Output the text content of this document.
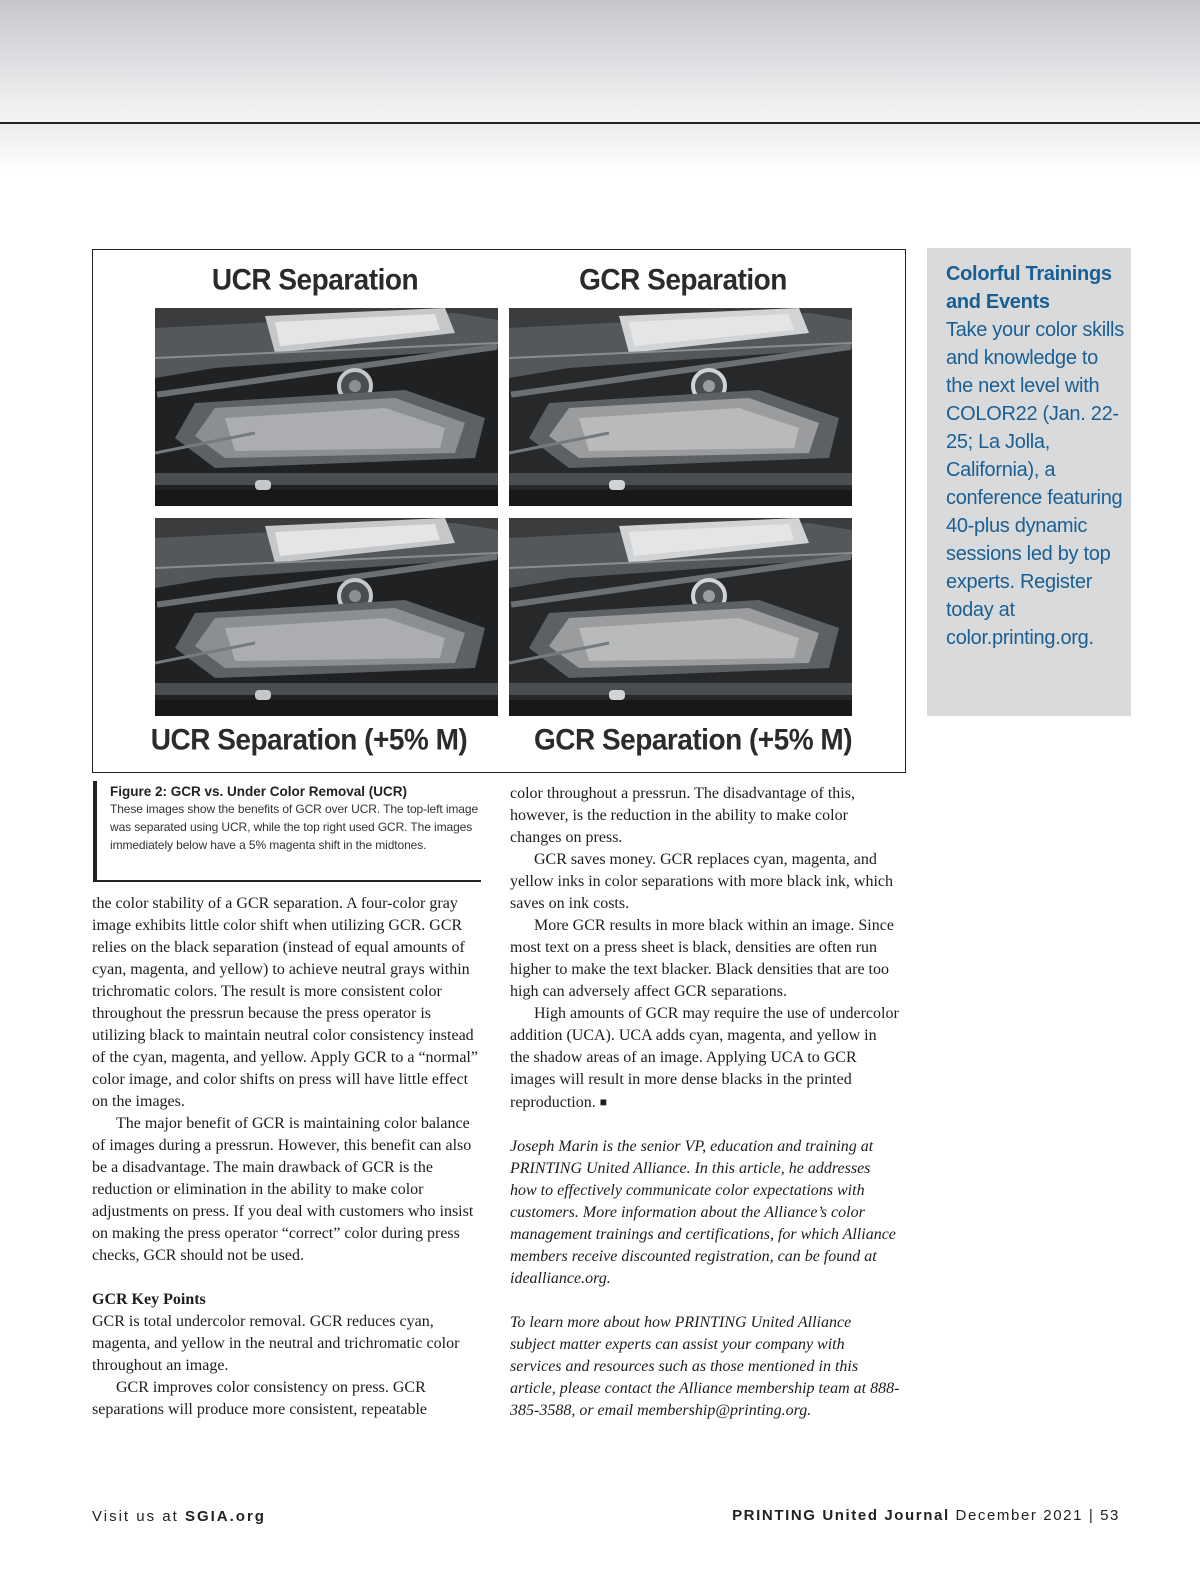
UCR Separation	GCR Separation
UCR Separation (+5% M)	GCR Separation (+5% M)
Colorful Trainings and Events
Take your color skills and knowledge to the next level with COLOR22 (Jan. 22-25; La Jolla, California), a conference featuring 40-plus dynamic sessions led by top experts. Register today at color.printing.org.
Figure 2: GCR vs. Under Color Removal (UCR)
These images show the benefits of GCR over UCR. The top-left image was separated using UCR, while the top right used GCR. The images immediately below have a 5% magenta shift in the midtones.

the color stability of a GCR separation. A four-color gray image exhibits little color shift when utilizing GCR. GCR relies on the black separation (instead of equal amounts of cyan, magenta, and yellow) to achieve neutral grays within trichromatic colors. The result is more consistent color throughout the pressrun because the press operator is utilizing black to maintain neutral color consistency instead of the cyan, magenta, and yellow. Apply GCR to a “normal” color image, and color shifts on press will have little effect on the images.

The major benefit of GCR is maintaining color balance of images during a pressrun. However, this benefit can also be a disadvantage. The main drawback of GCR is the reduction or elimination in the ability to make color adjustments on press. If you deal with customers who insist on making the press operator “correct” color during press checks, GCR should not be used.

GCR Key Points

GCR is total undercolor removal. GCR reduces cyan, magenta, and yellow in the neutral and trichromatic color throughout an image.

GCR improves color consistency on press. GCR separations will produce more consistent, repeatable

color throughout a pressrun. The disadvantage of this, however, is the reduction in the ability to make color changes on press.

GCR saves money. GCR replaces cyan, magenta, and yellow inks in color separations with more black ink, which saves on ink costs.

More GCR results in more black within an image. Since most text on a press sheet is black, densities are often run higher to make the text blacker. Black densities that are too high can adversely affect GCR separations.

High amounts of GCR may require the use of undercolor addition (UCA). UCA adds cyan, magenta, and yellow in the shadow areas of an image. Applying UCA to GCR images will result in more dense blacks in the printed reproduction. ■

Joseph Marin is the senior VP, education and training at PRINTING United Alliance. In this article, he addresses how to effectively communicate color expectations with customers. More information about the Alliance’s color management trainings and certifications, for which Alliance members receive discounted registration, can be found at idealliance.org.

To learn more about how PRINTING United Alliance subject matter experts can assist your company with services and resources such as those mentioned in this article, please contact the Alliance membership team at 888-385-3588, or email membership@printing.org.

Visit us at SGIA.org	PRINTING United Journal December 2021 | 53
